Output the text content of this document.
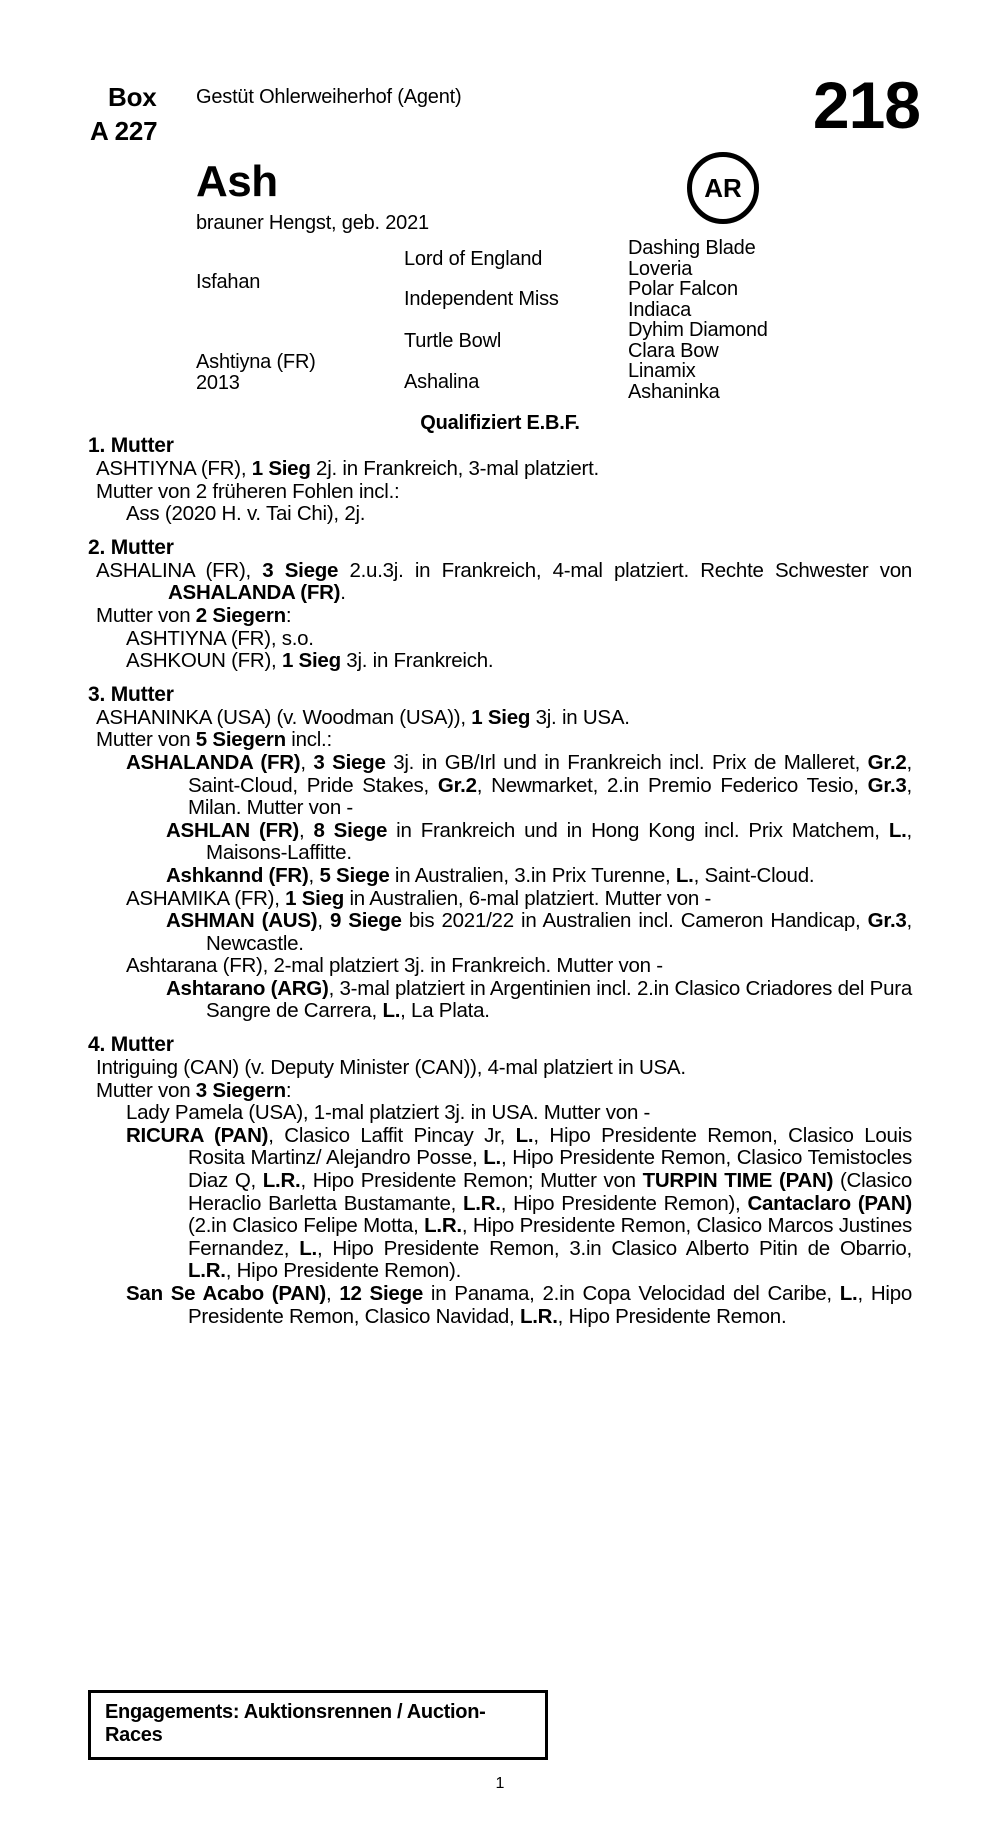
Box
A 227
Gestüt Ohlerweiherhof (Agent)	218
AR
Ash
brauner Hengst, geb. 2021
Isfahan
Ashtiyna (FR)
2013
Lord of England
Independent Miss
Turtle Bowl
Ashalina
Dashing Blade
Loveria
Polar Falcon
Indiaca
Dyhim Diamond
Clara Bow
Linamix
Ashaninka
Qualifiziert E.B.F.
1. Mutter
ASHTIYNA (FR), 1 Sieg 2j. in Frankreich, 3-mal platziert.
Mutter von 2 früheren Fohlen incl.:
Ass (2020 H. v. Tai Chi), 2j.
2. Mutter
ASHALINA (FR), 3 Siege 2.u.3j. in Frankreich, 4-mal platziert. Rechte Schwester von ASHALANDA (FR).
Mutter von 2 Siegern:
ASHTIYNA (FR), s.o.
ASHKOUN (FR), 1 Sieg 3j. in Frankreich.
3. Mutter
ASHANINKA (USA) (v. Woodman (USA)), 1 Sieg 3j. in USA.
Mutter von 5 Siegern incl.:
ASHALANDA (FR), 3 Siege 3j. in GB/Irl und in Frankreich incl. Prix de Malleret, Gr.2, Saint-Cloud, Pride Stakes, Gr.2, Newmarket, 2.in Premio Federico Tesio, Gr.3, Milan. Mutter von -
ASHLAN (FR), 8 Siege in Frankreich und in Hong Kong incl. Prix Matchem, L., Maisons-Laffitte.
Ashkannd (FR), 5 Siege in Australien, 3.in Prix Turenne, L., Saint-Cloud.
ASHAMIKA (FR), 1 Sieg in Australien, 6-mal platziert. Mutter von -
ASHMAN (AUS), 9 Siege bis 2021/22 in Australien incl. Cameron Handicap, Gr.3, Newcastle.
Ashtarana (FR), 2-mal platziert 3j. in Frankreich. Mutter von -
Ashtarano (ARG), 3-mal platziert in Argentinien incl. 2.in Clasico Criadores del Pura Sangre de Carrera, L., La Plata.
4. Mutter
Intriguing (CAN) (v. Deputy Minister (CAN)), 4-mal platziert in USA.
Mutter von 3 Siegern:
Lady Pamela (USA), 1-mal platziert 3j. in USA. Mutter von -
RICURA (PAN), Clasico Laffit Pincay Jr, L., Hipo Presidente Remon, Clasico Louis Rosita Martinz/ Alejandro Posse, L., Hipo Presidente Remon, Clasico Temistocles Diaz Q, L.R., Hipo Presidente Remon; Mutter von TURPIN TIME (PAN) (Clasico Heraclio Barletta Bustamante, L.R., Hipo Presidente Remon), Cantaclaro (PAN) (2.in Clasico Felipe Motta, L.R., Hipo Presidente Remon, Clasico Marcos Justines Fernandez, L., Hipo Presidente Remon, 3.in Clasico Alberto Pitin de Obarrio, L.R., Hipo Presidente Remon).
San Se Acabo (PAN), 12 Siege in Panama, 2.in Copa Velocidad del Caribe, L., Hipo Presidente Remon, Clasico Navidad, L.R., Hipo Presidente Remon.
Engagements: Auktionsrennen / Auction-Races
1
